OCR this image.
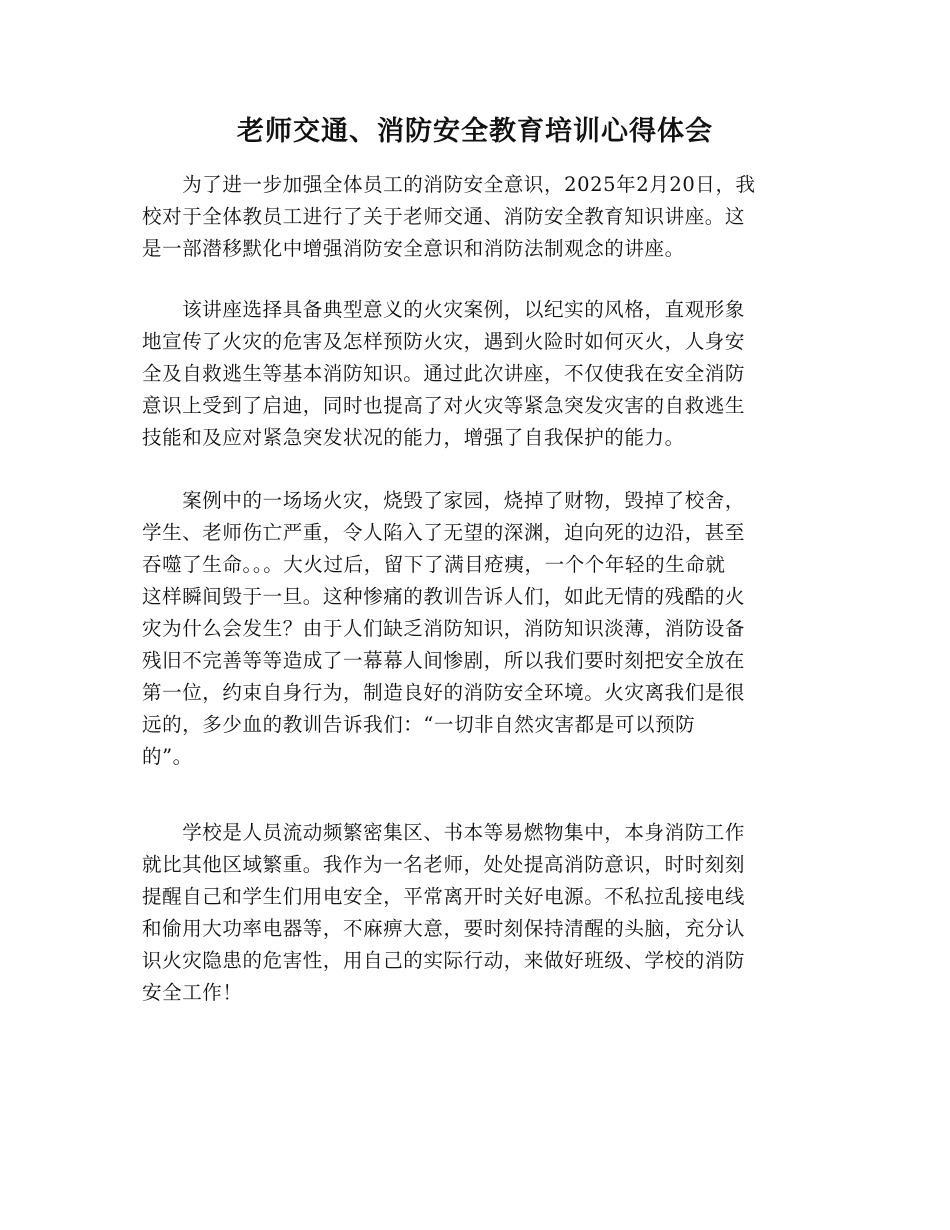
老师交通、消防安全教育培训心得体会

　　为了进一步加强全体员工的消防安全意识，2025年2月20日，我
校对于全体教员工进行了关于老师交通、消防安全教育知识讲座。这
是一部潜移默化中增强消防安全意识和消防法制观念的讲座。

　　该讲座选择具备典型意义的火灾案例，以纪实的风格，直观形象
地宣传了火灾的危害及怎样预防火灾，遇到火险时如何灭火，人身安
全及自救逃生等基本消防知识。通过此次讲座，不仅使我在安全消防
意识上受到了启迪，同时也提高了对火灾等紧急突发灾害的自救逃生
技能和及应对紧急突发状况的能力，增强了自我保护的能力。

　　案例中的一场场火灾，烧毁了家园，烧掉了财物，毁掉了校舍，
学生、老师伤亡严重，令人陷入了无望的深渊，迫向死的边沿，甚至
吞噬了生命。。。大火过后，留下了满目疮痍，一个个年轻的生命就
这样瞬间毁于一旦。这种惨痛的教训告诉人们，如此无情的残酷的火
灾为什么会发生？由于人们缺乏消防知识，消防知识淡薄，消防设备
残旧不完善等等造成了一幕幕人间惨剧，所以我们要时刻把安全放在
第一位，约束自身行为，制造良好的消防安全环境。火灾离我们是很
远的，多少血的教训告诉我们：“一切非自然灾害都是可以预防
的”。

　　学校是人员流动频繁密集区、书本等易燃物集中，本身消防工作
就比其他区域繁重。我作为一名老师，处处提高消防意识，时时刻刻
提醒自己和学生们用电安全，平常离开时关好电源。不私拉乱接电线
和偷用大功率电器等，不麻痹大意，要时刻保持清醒的头脑，充分认
识火灾隐患的危害性，用自己的实际行动，来做好班级、学校的消防
安全工作！
